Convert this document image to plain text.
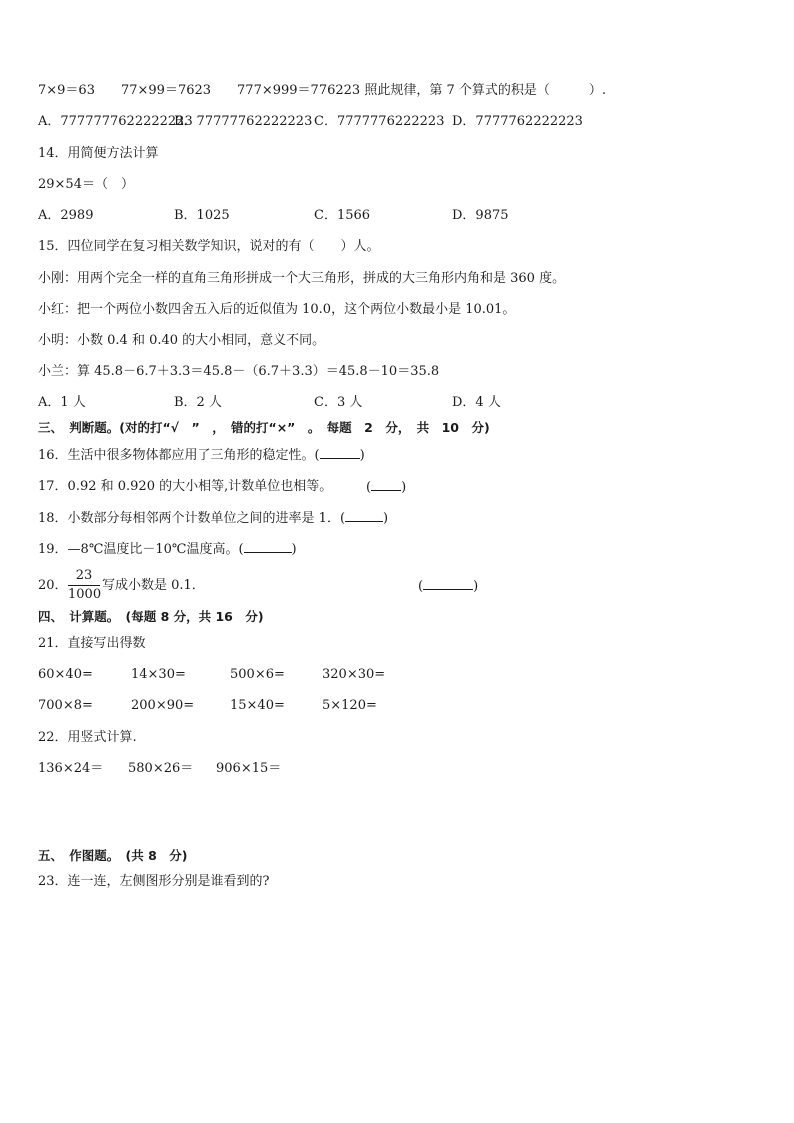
7×9＝63　　77×99＝7623　　777×999＝776223 照此规律，第 7 个算式的积是（　　　）.
A．7777777622222223
B．77777762222223 C．7777776222223 D．7777762222223
14．用简便方法计算
29×54＝（　）
A．2989	B．1025	C．1566	D．9875
15．四位同学在复习相关数学知识，说对的有（　　）人。
小刚：用两个完全一样的直角三角形拼成一个大三角形，拼成的大三角形内角和是 360 度。
小红：把一个两位小数四舍五入后的近似值为 10.0，这个两位小数最小是 10.01。
小明：小数 0.4 和 0.40 的大小相同，意义不同。
小兰：算 45.8－6.7＋3.3＝45.8－（6.7＋3.3）＝45.8－10＝35.8
A．1 人	B．2 人	C．3 人	D．4 人
三、　判断题。(对的打“√　”　，　错的打“×”　。　每题　2　分，　共　10　分)
16．生活中很多物体都应用了三角形的稳定性。(	)
17．0.92 和 0.920 的大小相等,计数单位也相等。	( )
18．小数部分每相邻两个计数单位之间的进率是 1．(	)
19．—8℃温度比－10℃温度高。(	)
20． $\frac{23}{1000}$ 写成小数是 0.1．	(	)
四、　计算题。　(每题 8 分，共 16　分)
21．直接写出得数
60×40=	14×30=	500×6=	320×30=
700×8=	200×90=	15×40=	5×120=
22．用竖式计算.
136×24＝ 580×26＝ 906×15＝
五、　作图题。　(共 8　分)
23．连一连，左侧图形分别是谁看到的?
